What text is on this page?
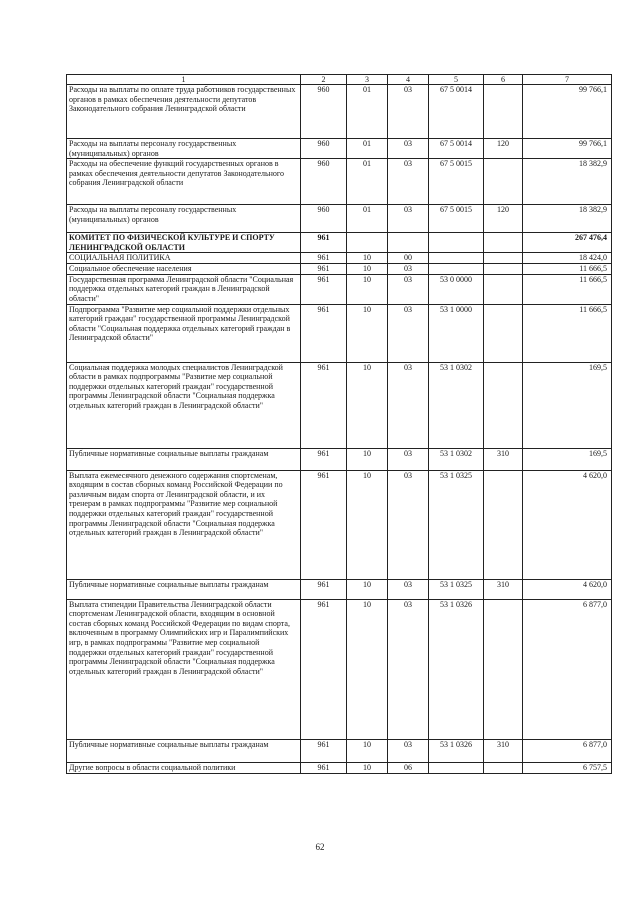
1	2	3	4	5	6	7
Расходы на выплаты по оплате труда работников государственных органов в рамках обеспечения деятельности депутатов Законодательного собрания Ленинградской области	960	01	03	67 5 0014		99 766,1
Расходы на выплаты персоналу государственных (муниципальных) органов	960	01	03	67 5 0014	120	99 766,1
Расходы на обеспечение функций государственных органов в рамках обеспечения деятельности депутатов Законодательного собрания Ленинградской области	960	01	03	67 5 0015		18 382,9
Расходы на выплаты персоналу государственных (муниципальных) органов	960	01	03	67 5 0015	120	18 382,9
КОМИТЕТ ПО ФИЗИЧЕСКОЙ КУЛЬТУРЕ И СПОРТУ ЛЕНИНГРАДСКОЙ ОБЛАСТИ	961					267 476,4
СОЦИАЛЬНАЯ ПОЛИТИКА	961	10	00			18 424,0
Социальное обеспечение населения	961	10	03			11 666,5
Государственная программа Ленинградской области "Социальная поддержка отдельных категорий граждан в Ленинградской области"	961	10	03	53 0 0000		11 666,5
Подпрограмма "Развитие мер социальной поддержки отдельных категорий граждан" государственной программы Ленинградской области "Социальная поддержка отдельных категорий граждан в Ленинградской области"	961	10	03	53 1 0000		11 666,5
Социальная поддержка молодых специалистов Ленинградской области в рамках подпрограммы "Развитие мер социальной поддержки отдельных категорий граждан" государственной программы Ленинградской области "Социальная поддержка отдельных категорий граждан в Ленинградской области"	961	10	03	53 1 0302		169,5
Публичные нормативные социальные выплаты гражданам	961	10	03	53 1 0302	310	169,5
Выплата ежемесячного денежного содержания спортсменам, входящим в состав сборных команд Российской Федерации по различным видам спорта от Ленинградской области, и их тренерам в рамках подпрограммы "Развитие мер социальной поддержки отдельных категорий граждан" государственной программы Ленинградской области "Социальная поддержка отдельных категорий граждан в Ленинградской области"	961	10	03	53 1 0325		4 620,0
Публичные нормативные социальные выплаты гражданам	961	10	03	53 1 0325	310	4 620,0
Выплата стипендии Правительства Ленинградской области спортсменам Ленинградской области, входящим в основной состав сборных команд Российской Федерации по видам спорта, включенным в программу Олимпийских игр и Паралимпийских игр, в рамках подпрограммы "Развитие мер социальной поддержки отдельных категорий граждан" государственной программы Ленинградской области "Социальная поддержка отдельных категорий граждан в Ленинградской области"	961	10	03	53 1 0326		6 877,0
Публичные нормативные социальные выплаты гражданам	961	10	03	53 1 0326	310	6 877,0
Другие вопросы в области социальной политики	961	10	06			6 757,5
62
